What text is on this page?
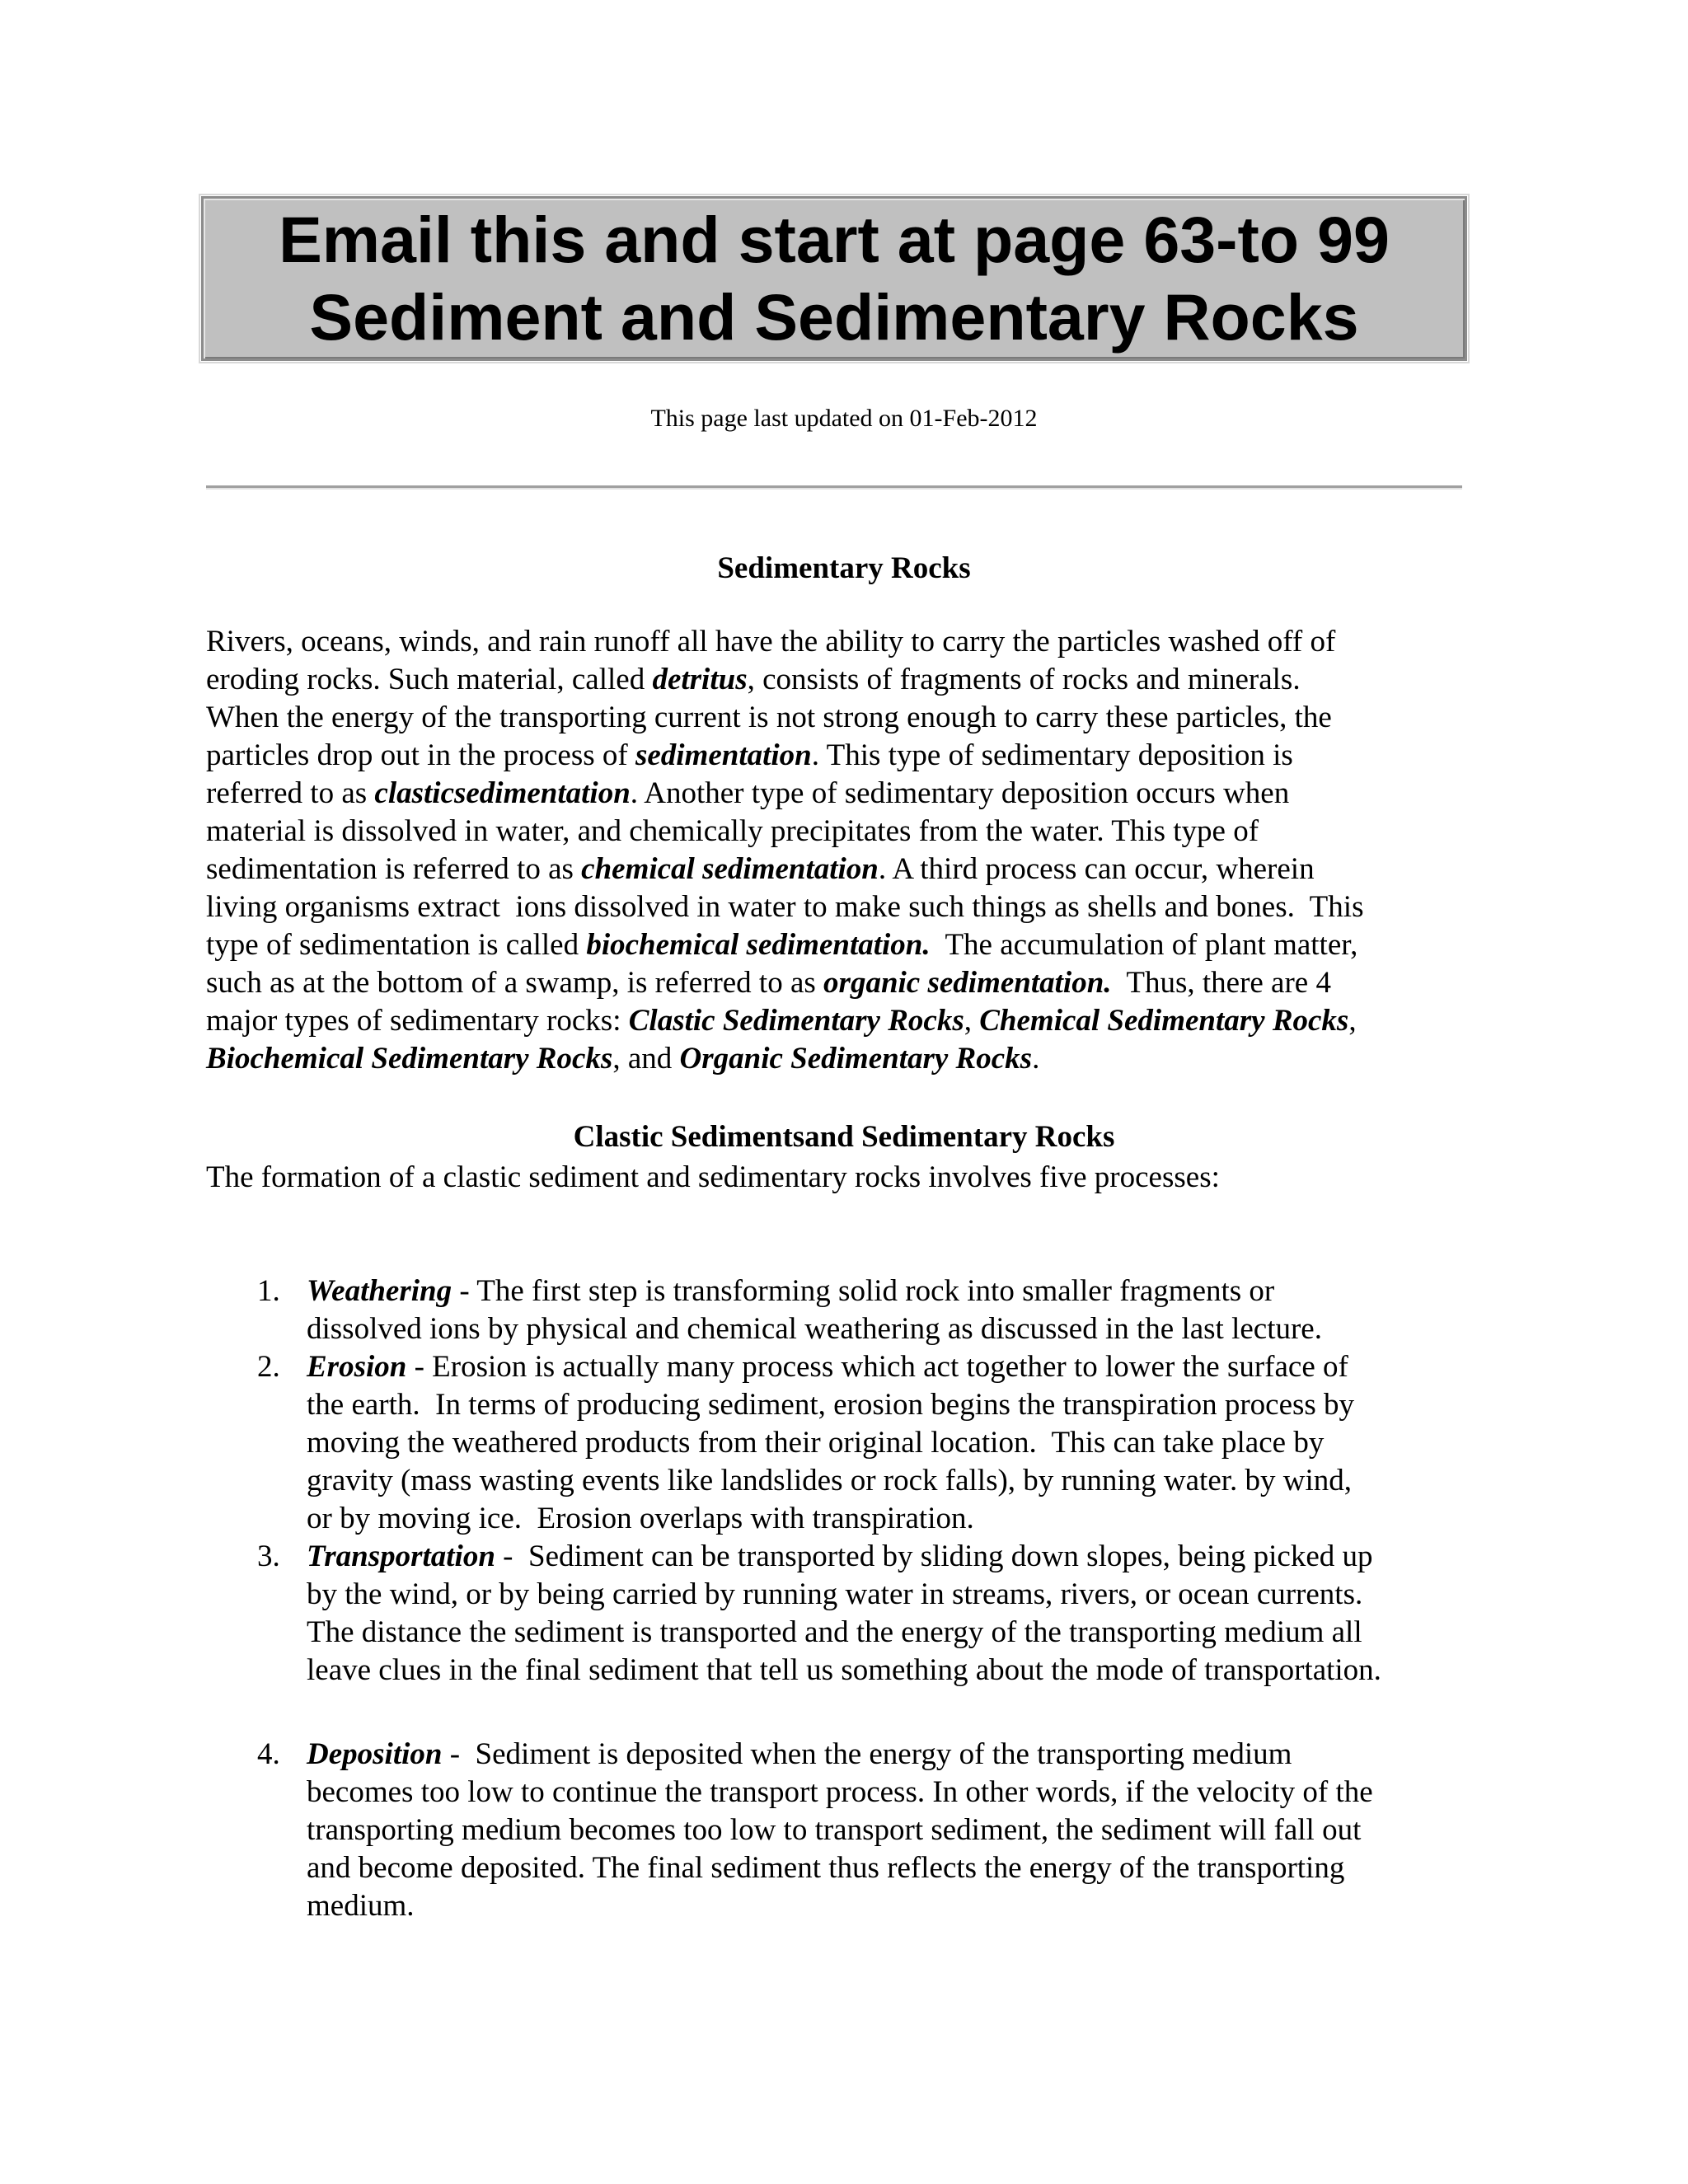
Email this and start at page 63-to 99
Sediment and Sedimentary Rocks
This page last updated on 01-Feb-2012
Sedimentary Rocks
Rivers, oceans, winds, and rain runoff all have the ability to carry the particles washed off of
eroding rocks. Such material, called detritus, consists of fragments of rocks and minerals.
When the energy of the transporting current is not strong enough to carry these particles, the
particles drop out in the process of sedimentation. This type of sedimentary deposition is
referred to as clasticsedimentation. Another type of sedimentary deposition occurs when
material is dissolved in water, and chemically precipitates from the water. This type of
sedimentation is referred to as chemical sedimentation. A third process can occur, wherein
living organisms extract  ions dissolved in water to make such things as shells and bones.  This
type of sedimentation is called biochemical sedimentation.  The accumulation of plant matter,
such as at the bottom of a swamp, is referred to as organic sedimentation.  Thus, there are 4
major types of sedimentary rocks: Clastic Sedimentary Rocks, Chemical Sedimentary Rocks,
Biochemical Sedimentary Rocks, and Organic Sedimentary Rocks.
Clastic Sedimentsand Sedimentary Rocks
The formation of a clastic sediment and sedimentary rocks involves five processes:
1. Weathering - The first step is transforming solid rock into smaller fragments or
dissolved ions by physical and chemical weathering as discussed in the last lecture.
2. Erosion - Erosion is actually many process which act together to lower the surface of
the earth.  In terms of producing sediment, erosion begins the transpiration process by
moving the weathered products from their original location.  This can take place by
gravity (mass wasting events like landslides or rock falls), by running water. by wind,
or by moving ice.  Erosion overlaps with transpiration.
3. Transportation -  Sediment can be transported by sliding down slopes, being picked up
by the wind, or by being carried by running water in streams, rivers, or ocean currents.
The distance the sediment is transported and the energy of the transporting medium all
leave clues in the final sediment that tell us something about the mode of transportation.
4. Deposition -  Sediment is deposited when the energy of the transporting medium
becomes too low to continue the transport process. In other words, if the velocity of the
transporting medium becomes too low to transport sediment, the sediment will fall out
and become deposited. The final sediment thus reflects the energy of the transporting
medium.
